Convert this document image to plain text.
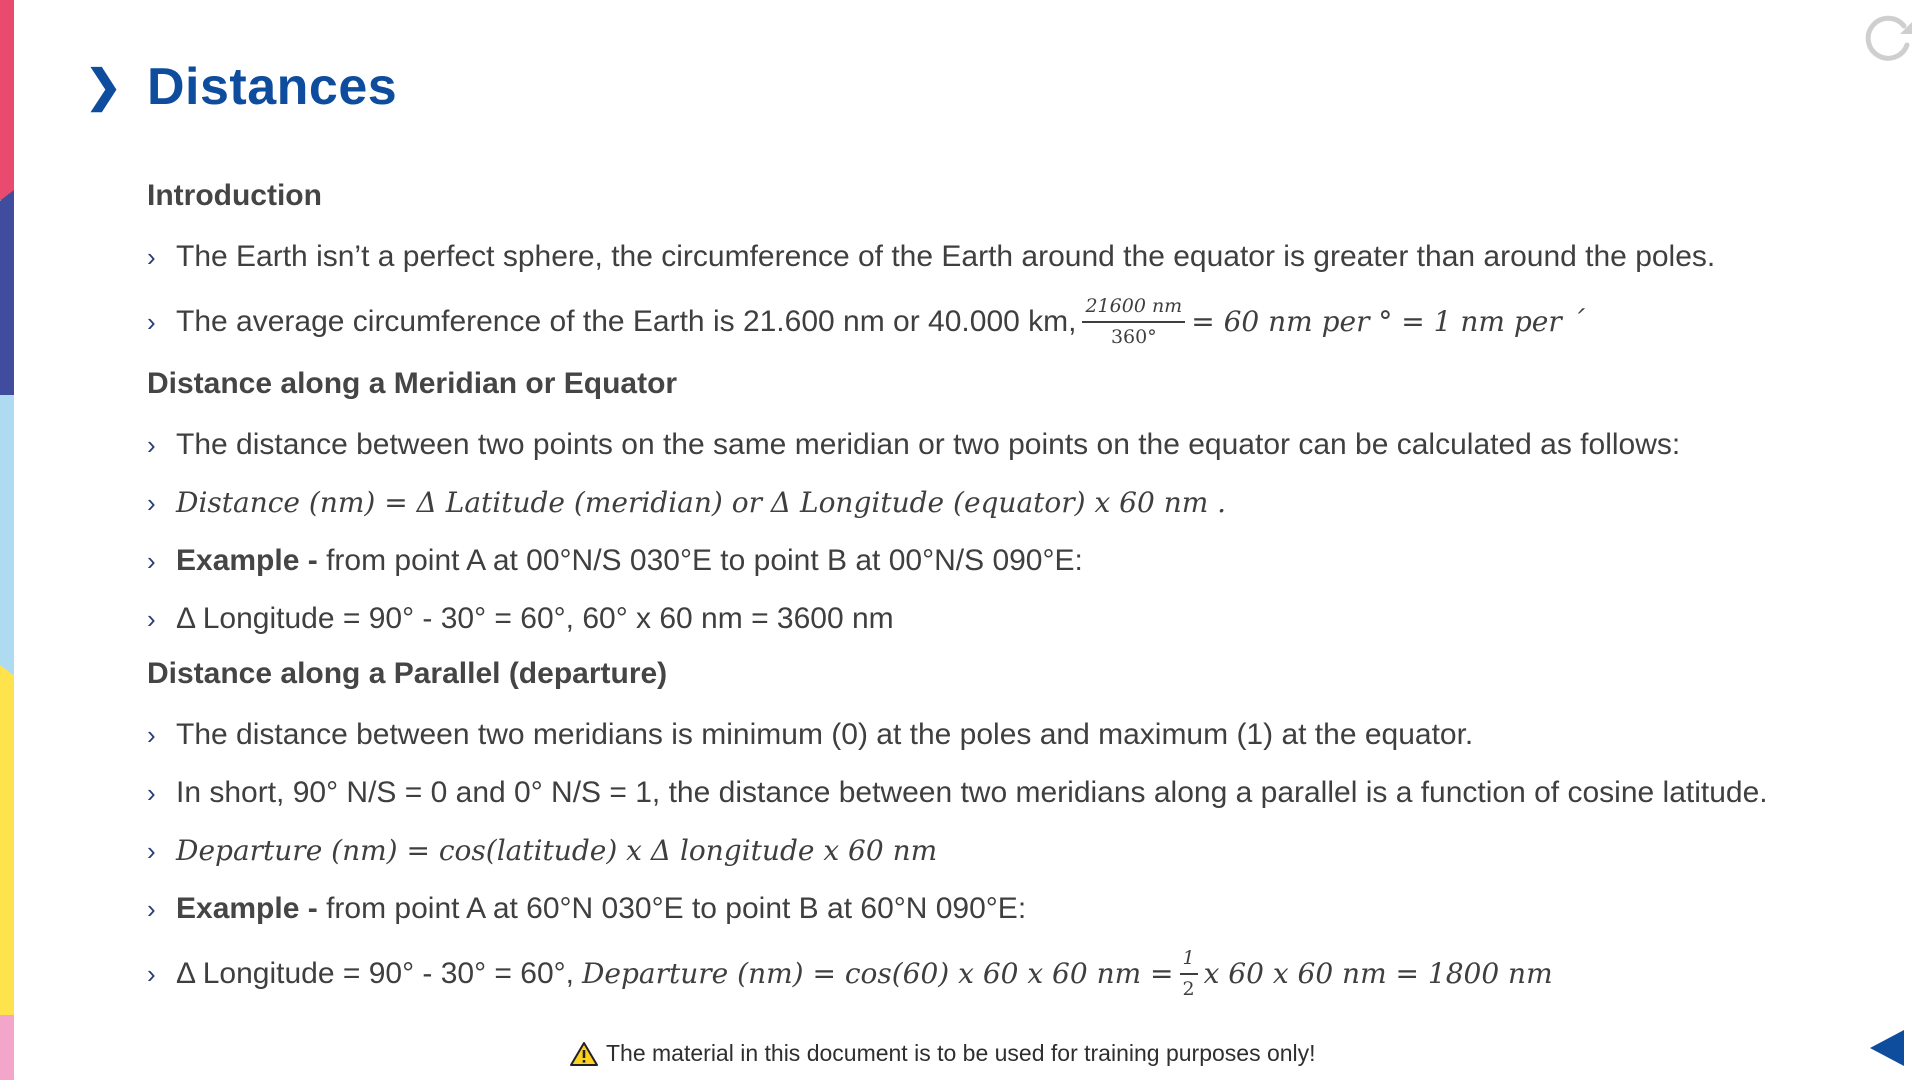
❯ Distances
Introduction
› The Earth isn’t a perfect sphere, the circumference of the Earth around the equator is greater than around the poles.
› The average circumference of the Earth is 21.600 nm or 40.000 km, $\frac{21600 nm}{360^\circ} = 60$ nm per ° = 1 nm per ´
Distance along a Meridian or Equator
› The distance between two points on the same meridian or two points on the equator can be calculated as follows:
› Distance (nm) = Δ Latitude (meridian) or Δ Longitude (equator) x 60 nm .
› Example - from point A at 00°N/S 030°E to point B at 00°N/S 090°E:
› Δ Longitude = 90° - 30° = 60°, 60° x 60 nm = 3600 nm
Distance along a Parallel (departure)
› The distance between two meridians is minimum (0) at the poles and maximum (1) at the equator.
› In short, 90° N/S = 0 and 0° N/S = 1, the distance between two meridians along a parallel is a function of cosine latitude.
› Departure (nm) = cos(latitude) x Δ longitude x 60 nm
› Example - from point A at 60°N 030°E to point B at 60°N 090°E:
› Δ Longitude = 90° - 30° = 60°, Departure (nm) = cos(60) x 60 x 60 nm = $\frac{1}{2}$ x 60 x 60 nm = 1800 nm
The material in this document is to be used for training purposes only!
